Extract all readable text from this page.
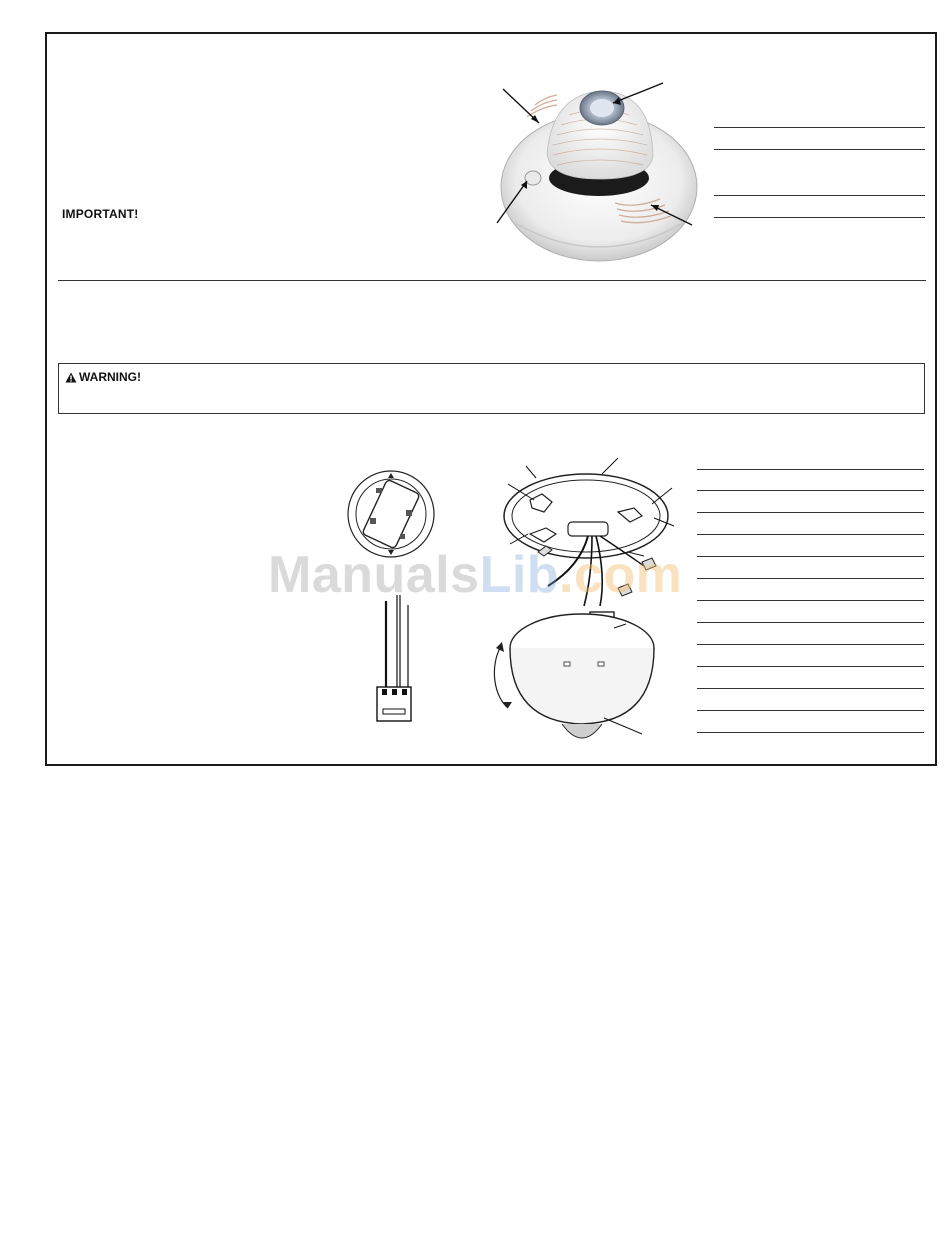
IMPORTANT!
WARNING!
ManualsLib.com
